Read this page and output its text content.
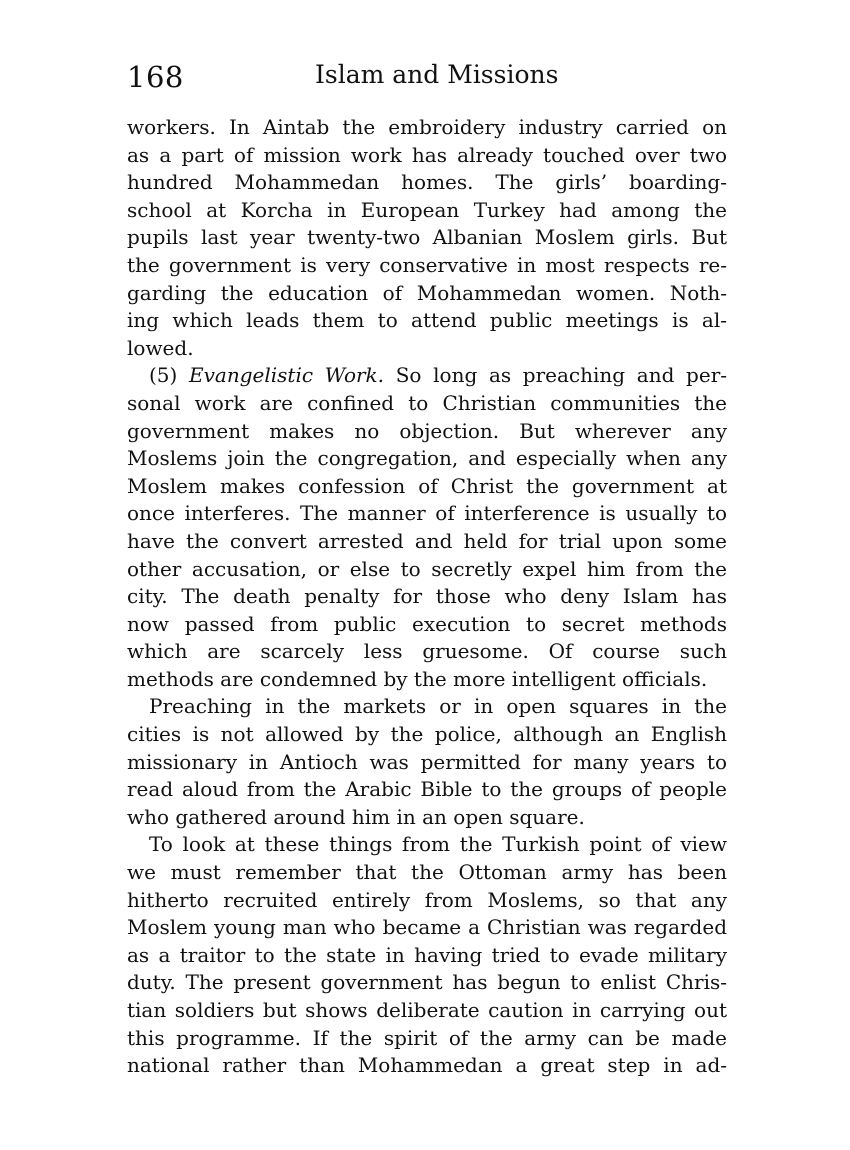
168	Islam and Missions
workers. In Aintab the embroidery industry carried on
as a part of mission work has already touched over two
hundred Mohammedan homes. The girls’ boarding-
school at Korcha in European Turkey had among the
pupils last year twenty-two Albanian Moslem girls. But
the government is very conservative in most respects re-
garding the education of Mohammedan women. Noth-
ing which leads them to attend public meetings is al-
lowed.
(5) Evangelistic Work. So long as preaching and per-
sonal work are confined to Christian communities the
government makes no objection. But wherever any
Moslems join the congregation, and especially when any
Moslem makes confession of Christ the government at
once interferes. The manner of interference is usually to
have the convert arrested and held for trial upon some
other accusation, or else to secretly expel him from the
city. The death penalty for those who deny Islam has
now passed from public execution to secret methods
which are scarcely less gruesome. Of course such
methods are condemned by the more intelligent officials.
Preaching in the markets or in open squares in the
cities is not allowed by the police, although an English
missionary in Antioch was permitted for many years to
read aloud from the Arabic Bible to the groups of people
who gathered around him in an open square.
To look at these things from the Turkish point of view
we must remember that the Ottoman army has been
hitherto recruited entirely from Moslems, so that any
Moslem young man who became a Christian was regarded
as a traitor to the state in having tried to evade military
duty. The present government has begun to enlist Chris-
tian soldiers but shows deliberate caution in carrying out
this programme. If the spirit of the army can be made
national rather than Mohammedan a great step in ad-
